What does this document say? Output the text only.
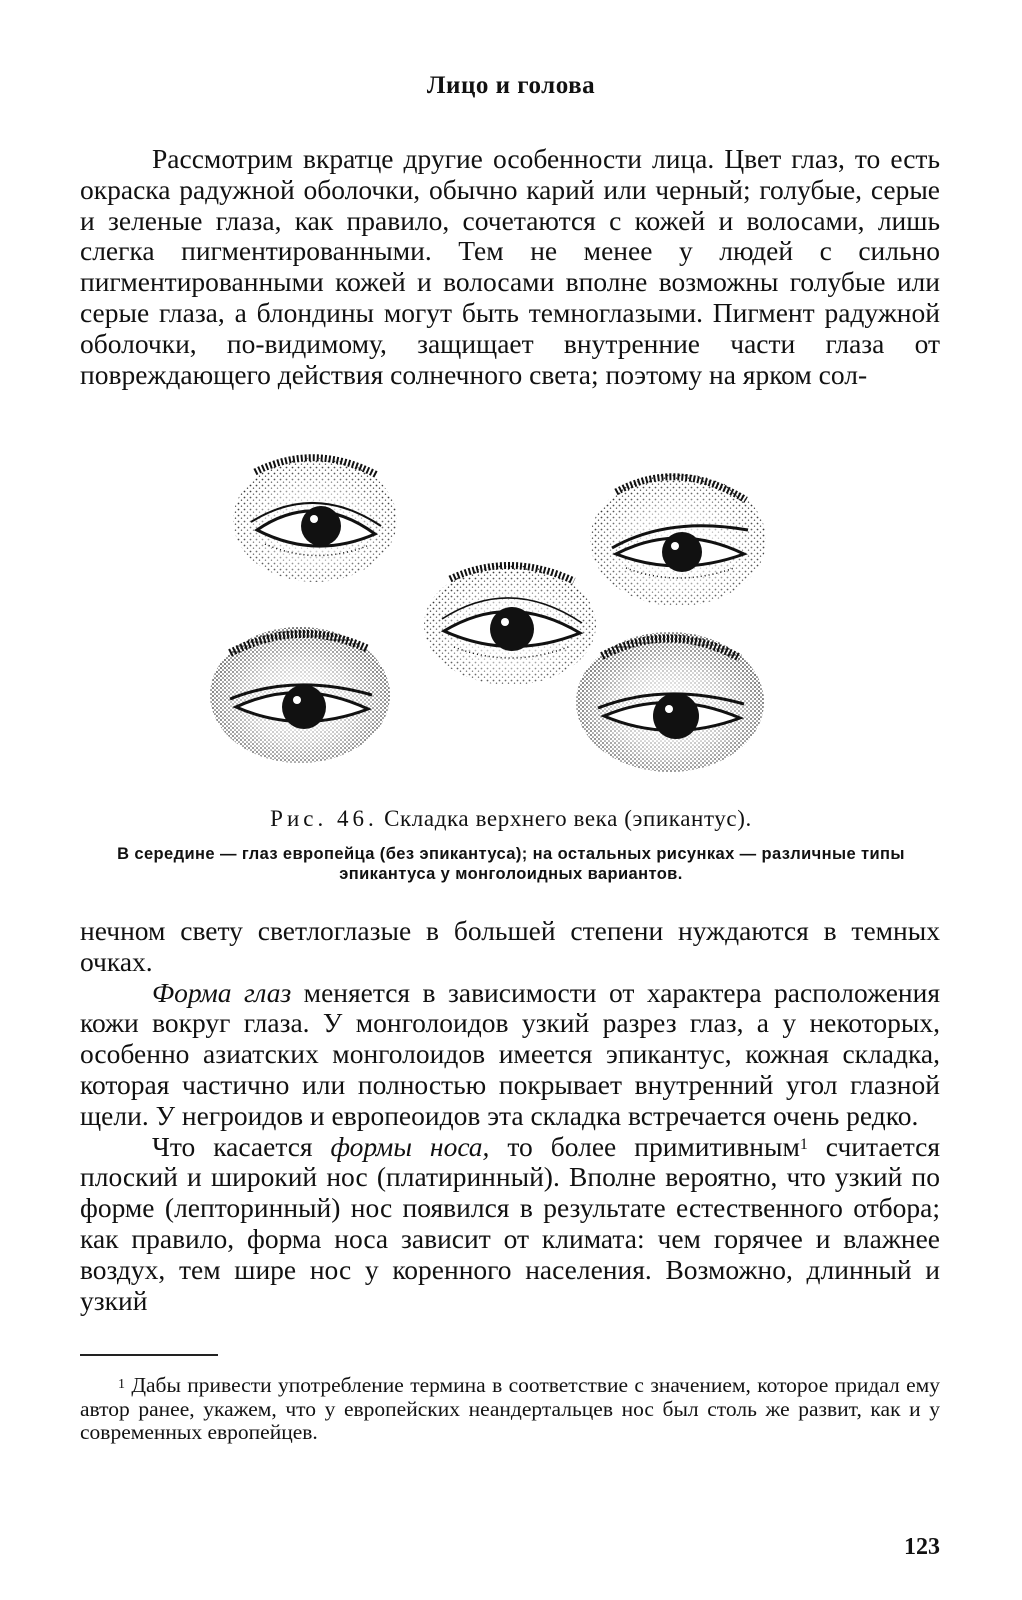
Лицо и голова

Рассмотрим вкратце другие особенности лица. Цвет глаз, то есть окраска радужной оболочки, обычно карий или черный; голубые, серые и зеленые глаза, как правило, сочетаются с кожей и волосами, лишь слегка пигментированными. Тем не менее у людей с сильно пигментированными кожей и волосами вполне возможны голубые или серые глаза, а блондины могут быть темноглазыми. Пигмент радужной оболочки, по-видимому, защищает внутренние части глаза от повреждающего действия солнечного света; поэтому на ярком сол-

Рис. 46. Складка верхнего века (эпикантус).
В середине — глаз европейца (без эпикантуса); на остальных рисунках — различные типы эпикантуса у монголоидных вариантов.

нечном свету светлоглазые в большей степени нуждаются в темных очках.

Форма глаз меняется в зависимости от характера расположения кожи вокруг глаза. У монголоидов узкий разрез глаз, а у некоторых, особенно азиатских монголоидов имеется эпикантус, кожная складка, которая частично или полностью покрывает внутренний угол глазной щели. У негроидов и европеоидов эта складка встречается очень редко.

Что касается формы носа, то более примитивным$^1$ считается плоский и широкий нос (платиринный). Вполне вероятно, что узкий по форме (лепторинный) нос появился в результате естественного отбора; как правило, форма носа зависит от климата: чем горячее и влажнее воздух, тем шире нос у коренного населения. Возможно, длинный и узкий

$^1$ Дабы привести употребление термина в соответствие с значением, которое придал ему автор ранее, укажем, что у европейских неандертальцев нос был столь же развит, как и у современных европейцев.

123
